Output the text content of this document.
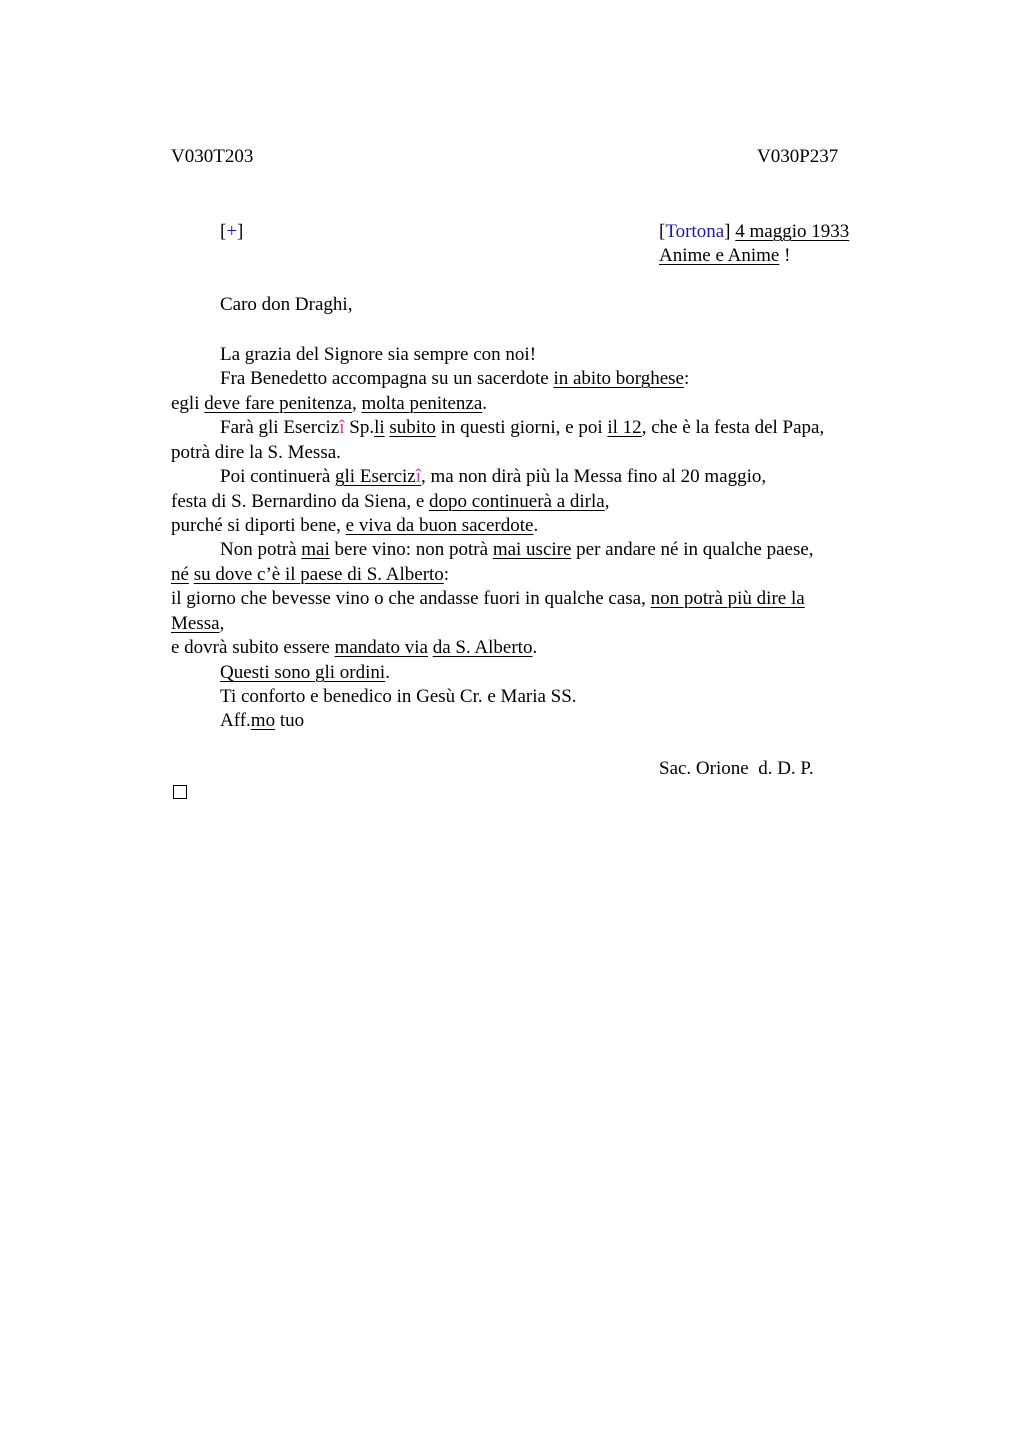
V030T203	V030P237
[+]	[Tortona] 4 maggio 1933
Anime e Anime !
Caro don Draghi,
La grazia del Signore sia sempre con noi!
Fra Benedetto accompagna su un sacerdote in abito borghese:
egli deve fare penitenza, molta penitenza.
Farà gli Esercizî Sp.li subito in questi giorni, e poi il 12, che è la festa del Papa,
potrà dire la S. Messa.
Poi continuerà gli Esercizî, ma non dirà più la Messa fino al 20 maggio,
festa di S. Bernardino da Siena, e dopo continuerà a dirla,
purché si diporti bene, e viva da buon sacerdote.
Non potrà mai bere vino: non potrà mai uscire per andare né in qualche paese,
né su dove c’è il paese di S. Alberto:
il giorno che bevesse vino o che andasse fuori in qualche casa, non potrà più dire la
Messa,
e dovrà subito essere mandato via da S. Alberto.
Questi sono gli ordini.
Ti conforto e benedico in Gesù Cr. e Maria SS.
Aff.mo tuo
Sac. Orione  d. D. P.
